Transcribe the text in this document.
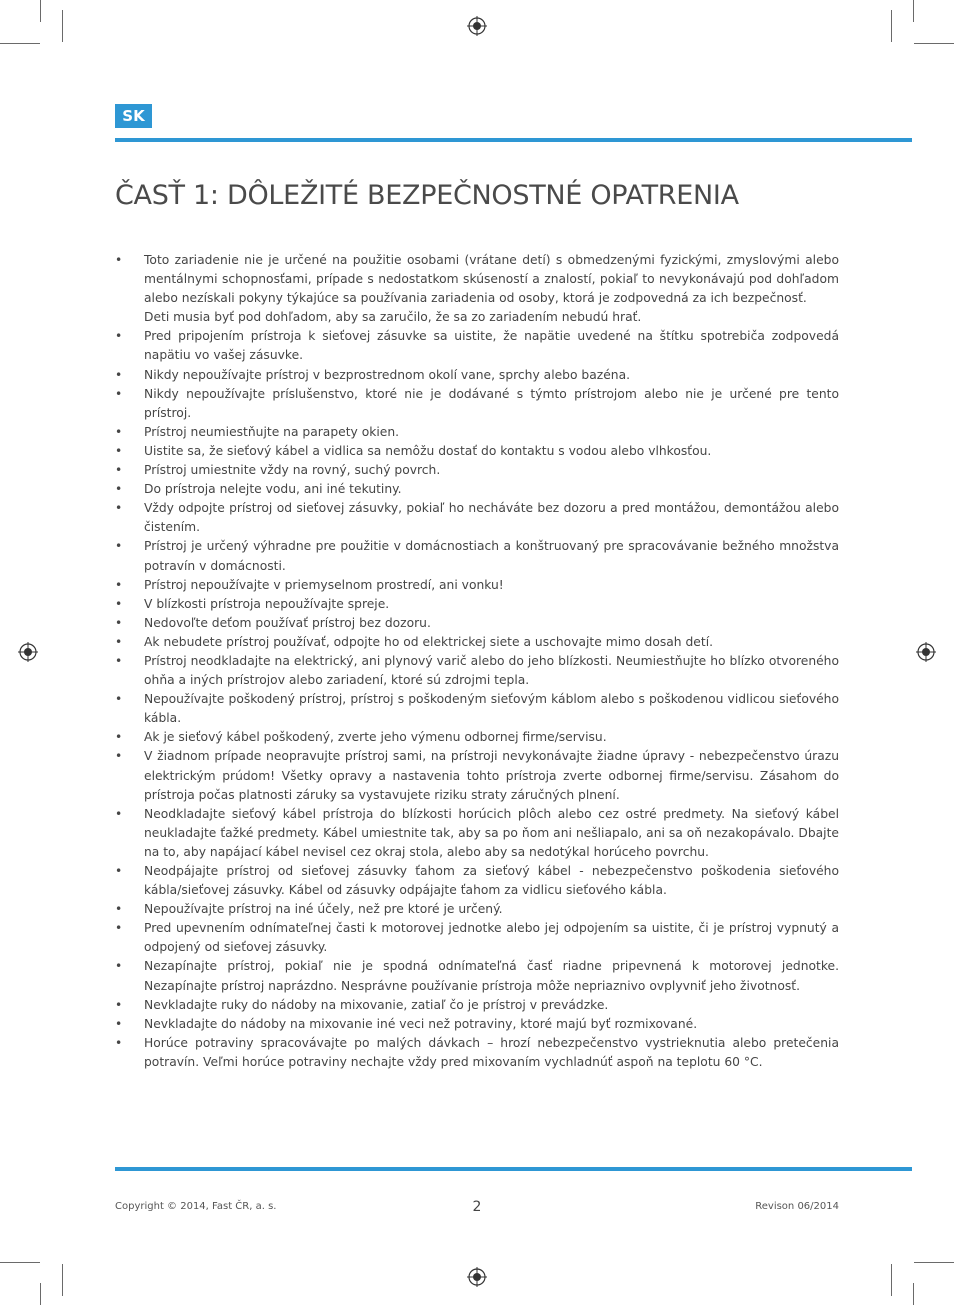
SK
ČASŤ 1: DÔLEŽITÉ BEZPEČNOSTNÉ OPATRENIA
• Toto zariadenie nie je určené na použitie osobami (vrátane detí) s obmedzenými fyzickými, zmyslovými alebo mentálnymi schopnosťami, prípade s nedostatkom skúseností a znalostí, pokiaľ to nevykonávajú pod dohľadom alebo nezískali pokyny týkajúce sa používania zariadenia od osoby, ktorá je zodpovedná za ich bezpečnosť.
Deti musia byť pod dohľadom, aby sa zaručilo, že sa zo zariadením nebudú hrať.
• Pred pripojením prístroja k sieťovej zásuvke sa uistite, že napätie uvedené na štítku spotrebiča zodpovedá napätiu vo vašej zásuvke.
• Nikdy nepoužívajte prístroj v bezprostrednom okolí vane, sprchy alebo bazéna.
• Nikdy nepoužívajte príslušenstvo, ktoré nie je dodávané s týmto prístrojom alebo nie je určené pre tento prístroj.
• Prístroj neumiestňujte na parapety okien.
• Uistite sa, že sieťový kábel a vidlica sa nemôžu dostať do kontaktu s vodou alebo vlhkosťou.
• Prístroj umiestnite vždy na rovný, suchý povrch.
• Do prístroja nelejte vodu, ani iné tekutiny.
• Vždy odpojte prístroj od sieťovej zásuvky, pokiaľ ho necháváte bez dozoru a pred montážou, demontážou alebo čistením.
• Prístroj je určený výhradne pre použitie v domácnostiach a konštruovaný pre spracovávanie bežného množstva potravín v domácnosti.
• Prístroj nepoužívajte v priemyselnom prostredí, ani vonku!
• V blízkosti prístroja nepoužívajte spreje.
• Nedovoľte deťom používať prístroj bez dozoru.
• Ak nebudete prístroj používať, odpojte ho od elektrickej siete a uschovajte mimo dosah detí.
• Prístroj neodkladajte na elektrický, ani plynový varič alebo do jeho blízkosti. Neumiestňujte ho blízko otvoreného ohňa a iných prístrojov alebo zariadení, ktoré sú zdrojmi tepla.
• Nepoužívajte poškodený prístroj, prístroj s poškodeným sieťovým káblom alebo s poškodenou vidlicou sieťového kábla.
• Ak je sieťový kábel poškodený, zverte jeho výmenu odbornej firme/servisu.
• V žiadnom prípade neopravujte prístroj sami, na prístroji nevykonávajte žiadne úpravy - nebezpečenstvo úrazu elektrickým prúdom! Všetky opravy a nastavenia tohto prístroja zverte odbornej firme/servisu. Zásahom do prístroja počas platnosti záruky sa vystavujete riziku straty záručných plnení.
• Neodkladajte sieťový kábel prístroja do blízkosti horúcich plôch alebo cez ostré predmety. Na sieťový kábel neukladajte ťažké predmety. Kábel umiestnite tak, aby sa po ňom ani nešliapalo, ani sa oň nezakopávalo. Dbajte na to, aby napájací kábel nevisel cez okraj stola, alebo aby sa nedotýkal horúceho povrchu.
• Neodpájajte prístroj od sieťovej zásuvky ťahom za sieťový kábel - nebezpečenstvo poškodenia sieťového kábla/sieťovej zásuvky. Kábel od zásuvky odpájajte ťahom za vidlicu sieťového kábla.
• Nepoužívajte prístroj na iné účely, než pre ktoré je určený.
• Pred upevnením odnímateľnej časti k motorovej jednotke alebo jej odpojením sa uistite, či je prístroj vypnutý a odpojený od sieťovej zásuvky.
• Nezapínajte prístroj, pokiaľ nie je spodná odnímateľná časť riadne pripevnená k motorovej jednotke. Nezapínajte prístroj naprázdno. Nesprávne používanie prístroja môže nepriaznivo ovplyvniť jeho životnosť.
• Nevkladajte ruky do nádoby na mixovanie, zatiaľ čo je prístroj v prevádzke.
• Nevkladajte do nádoby na mixovanie iné veci než potraviny, ktoré majú byť rozmixované.
• Horúce potraviny spracovávajte po malých dávkach – hrozí nebezpečenstvo vystrieknutia alebo pretečenia potravín. Veľmi horúce potraviny nechajte vždy pred mixovaním vychladnúť aspoň na teplotu 60 °C.
Copyright © 2014, Fast ČR, a. s.	2	Revison 06/2014
